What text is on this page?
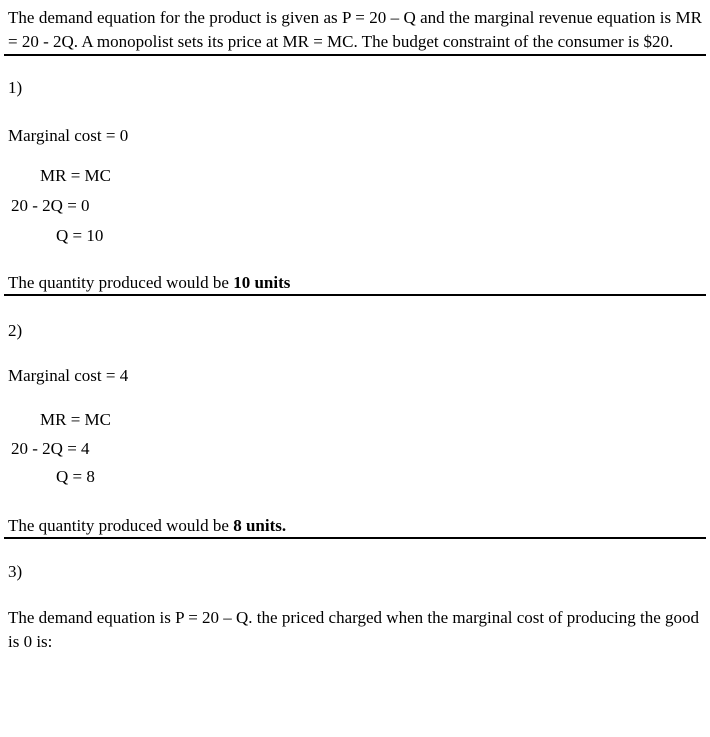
The demand equation for the product is given as P = 20 – Q and the marginal revenue equation is MR = 20 - 2Q. A monopolist sets its price at MR = MC. The budget constraint of the consumer is $20.

1)
Marginal cost = 0
MR = MC
20 - 2Q = 0
Q = 10
The quantity produced would be 10 units
2)
Marginal cost = 4
MR = MC
20 - 2Q = 4
Q = 8
The quantity produced would be 8 units.
3)

The demand equation is P = 20 – Q. the priced charged when the marginal cost of producing the good is 0 is:
